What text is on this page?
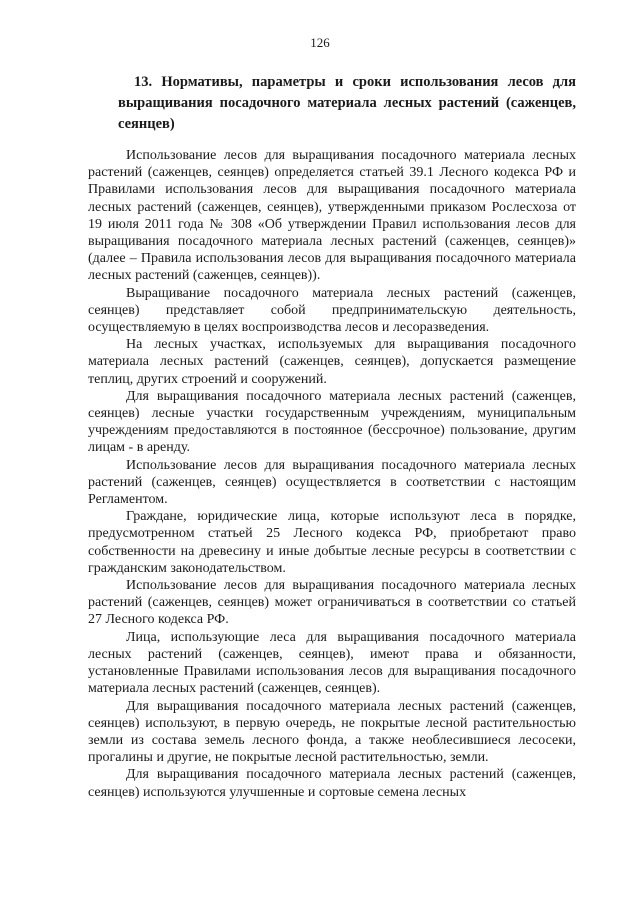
126
13. Нормативы, параметры и сроки использования лесов для выращивания посадочного материала лесных растений (саженцев, сеянцев)

Использование лесов для выращивания посадочного материала лесных растений (саженцев, сеянцев) определяется статьей 39.1 Лесного кодекса РФ и Правилами использования лесов для выращивания посадочного материала лесных растений (саженцев, сеянцев), утвержденными приказом Рослесхоза от 19 июля 2011 года № 308 «Об утверждении Правил использования лесов для выращивания посадочного материала лесных растений (саженцев, сеянцев)» (далее – Правила использования лесов для выращивания посадочного материала лесных растений (саженцев, сеянцев)).

Выращивание посадочного материала лесных растений (саженцев, сеянцев) представляет собой предпринимательскую деятельность, осуществляемую в целях воспроизводства лесов и лесоразведения.

На лесных участках, используемых для выращивания посадочного материала лесных растений (саженцев, сеянцев), допускается размещение теплиц, других строений и сооружений.

Для выращивания посадочного материала лесных растений (саженцев, сеянцев) лесные участки государственным учреждениям, муниципальным учреждениям предоставляются в постоянное (бессрочное) пользование, другим лицам - в аренду.

Использование лесов для выращивания посадочного материала лесных растений (саженцев, сеянцев) осуществляется в соответствии с настоящим Регламентом.

Граждане, юридические лица, которые используют леса в порядке, предусмотренном статьей 25 Лесного кодекса РФ, приобретают право собственности на древесину и иные добытые лесные ресурсы в соответствии с гражданским законодательством.

Использование лесов для выращивания посадочного материала лесных растений (саженцев, сеянцев) может ограничиваться в соответствии со статьей 27 Лесного кодекса РФ.

Лица, использующие леса для выращивания посадочного материала лесных растений (саженцев, сеянцев), имеют права и обязанности, установленные Правилами использования лесов для выращивания посадочного материала лесных растений (саженцев, сеянцев).

Для выращивания посадочного материала лесных растений (саженцев, сеянцев) используют, в первую очередь, не покрытые лесной растительностью земли из состава земель лесного фонда, а также необлесившиеся лесосеки, прогалины и другие, не покрытые лесной растительностью, земли.

Для выращивания посадочного материала лесных растений (саженцев, сеянцев) используются улучшенные и сортовые семена лесных
